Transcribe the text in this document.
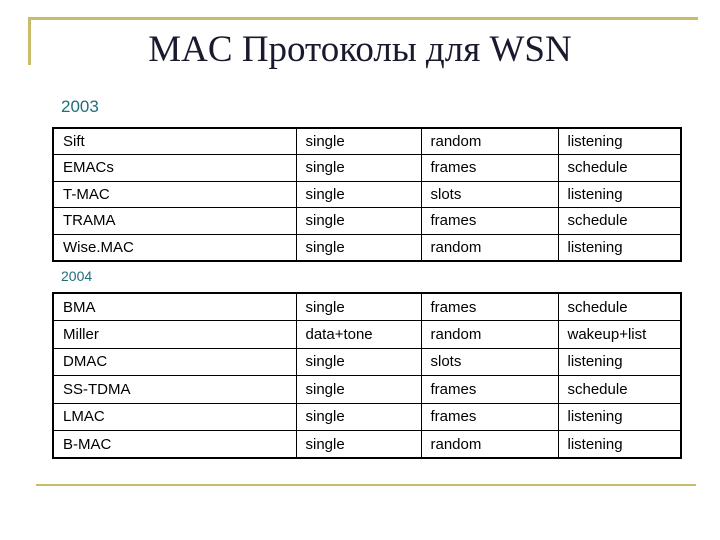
MAC Протоколы для WSN
2003
Sift	single	random	listening
EMACs	single	frames	schedule
T-MAC	single	slots	listening
TRAMA	single	frames	schedule
Wise.MAC	single	random	listening
2004
BMA	single	frames	schedule
Miller	data+tone	random	wakeup+list
DMAC	single	slots	listening
SS-TDMA	single	frames	schedule
LMAC	single	frames	listening
B-MAC	single	random	listening
